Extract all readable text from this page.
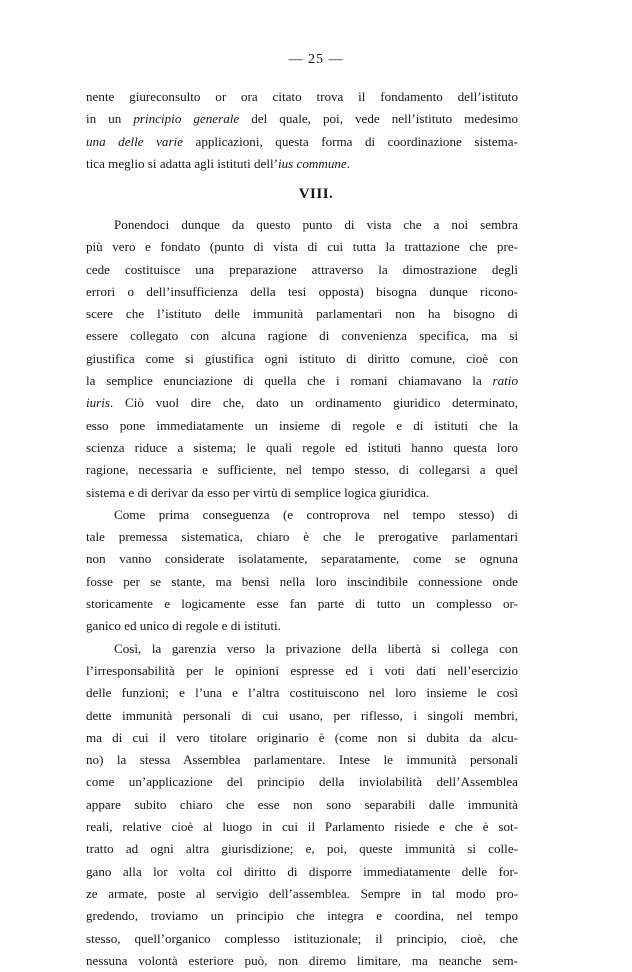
— 25 —
nente giureconsulto or ora citato trova il fondamento dell’istituto
in un principio generale del quale, poi, vede nell’istituto medesimo
una delle varie applicazioni, questa forma di coordinazione sistema-
tica meglio si adatta agli istituti dell’ius commune.
VIII.
Ponendoci dunque da questo punto di vista che a noi sembra
più vero e fondato (punto di vista di cui tutta la trattazione che pre-
cede costituisce una preparazione attraverso la dimostrazione degli
errori o dell’insufficienza della tesi opposta) bisogna dunque ricono-
scere che l’istituto delle immunità parlamentari non ha bisogno di
essere collegato con alcuna ragione di convenienza specifica, ma si
giustifica come si giustifica ogni istituto di diritto comune, cioè con
la semplice enunciazione di quella che i romani chiamavano la ratio
iuris. Ciò vuol dire che, dato un ordinamento giuridico determinato,
esso pone immediatamente un insieme di regole e di istituti che la
scienza riduce a sistema; le quali regole ed istituti hanno questa loro
ragione, necessaria e sufficiente, nel tempo stesso, di collegarsi a quel
sistema e di derivar da esso per virtù di semplice logica giuridica.
Come prima conseguenza (e controprova nel tempo stesso) di
tale premessa sistematica, chiaro è che le prerogative parlamentari
non vanno considerate isolatamente, separatamente, come se ognuna
fosse per se stante, ma bensì nella loro inscindibile connessione onde
storicamente e logicamente esse fan parte di tutto un complesso or-
ganico ed unico di regole e di istituti.
Così, la garenzia verso la privazione della libertà si collega con
l’irresponsabilità per le opinioni espresse ed i voti dati nell’esercizio
delle funzioni; e l’una e l’altra costituiscono nel loro insieme le così
dette immunità personali di cui usano, per riflesso, i singoli membri,
ma di cui il vero titolare originario è (come non si dubita da alcu-
no) la stessa Assemblea parlamentare. Intese le immunità personali
come un’applicazione del principio della inviolabilità dell’Assemblea
appare subito chiaro che esse non sono separabili dalle immunità
reali, relative cioè al luogo in cui il Parlamento risiede e che è sot-
tratto ad ogni altra giurisdizione; e, poi, queste immunità si colle-
gano alla lor volta col diritto di disporre immediatamente delle for-
ze armate, poste al servigio dell’assemblea. Sempre in tal modo pro-
gredendo, troviamo un principio che integra e coordina, nel tempo
stesso, quell’organico complesso istituzionale; il principio, cioè, che
nessuna volontà esteriore può, non diremo limitare, ma neanche sem-
